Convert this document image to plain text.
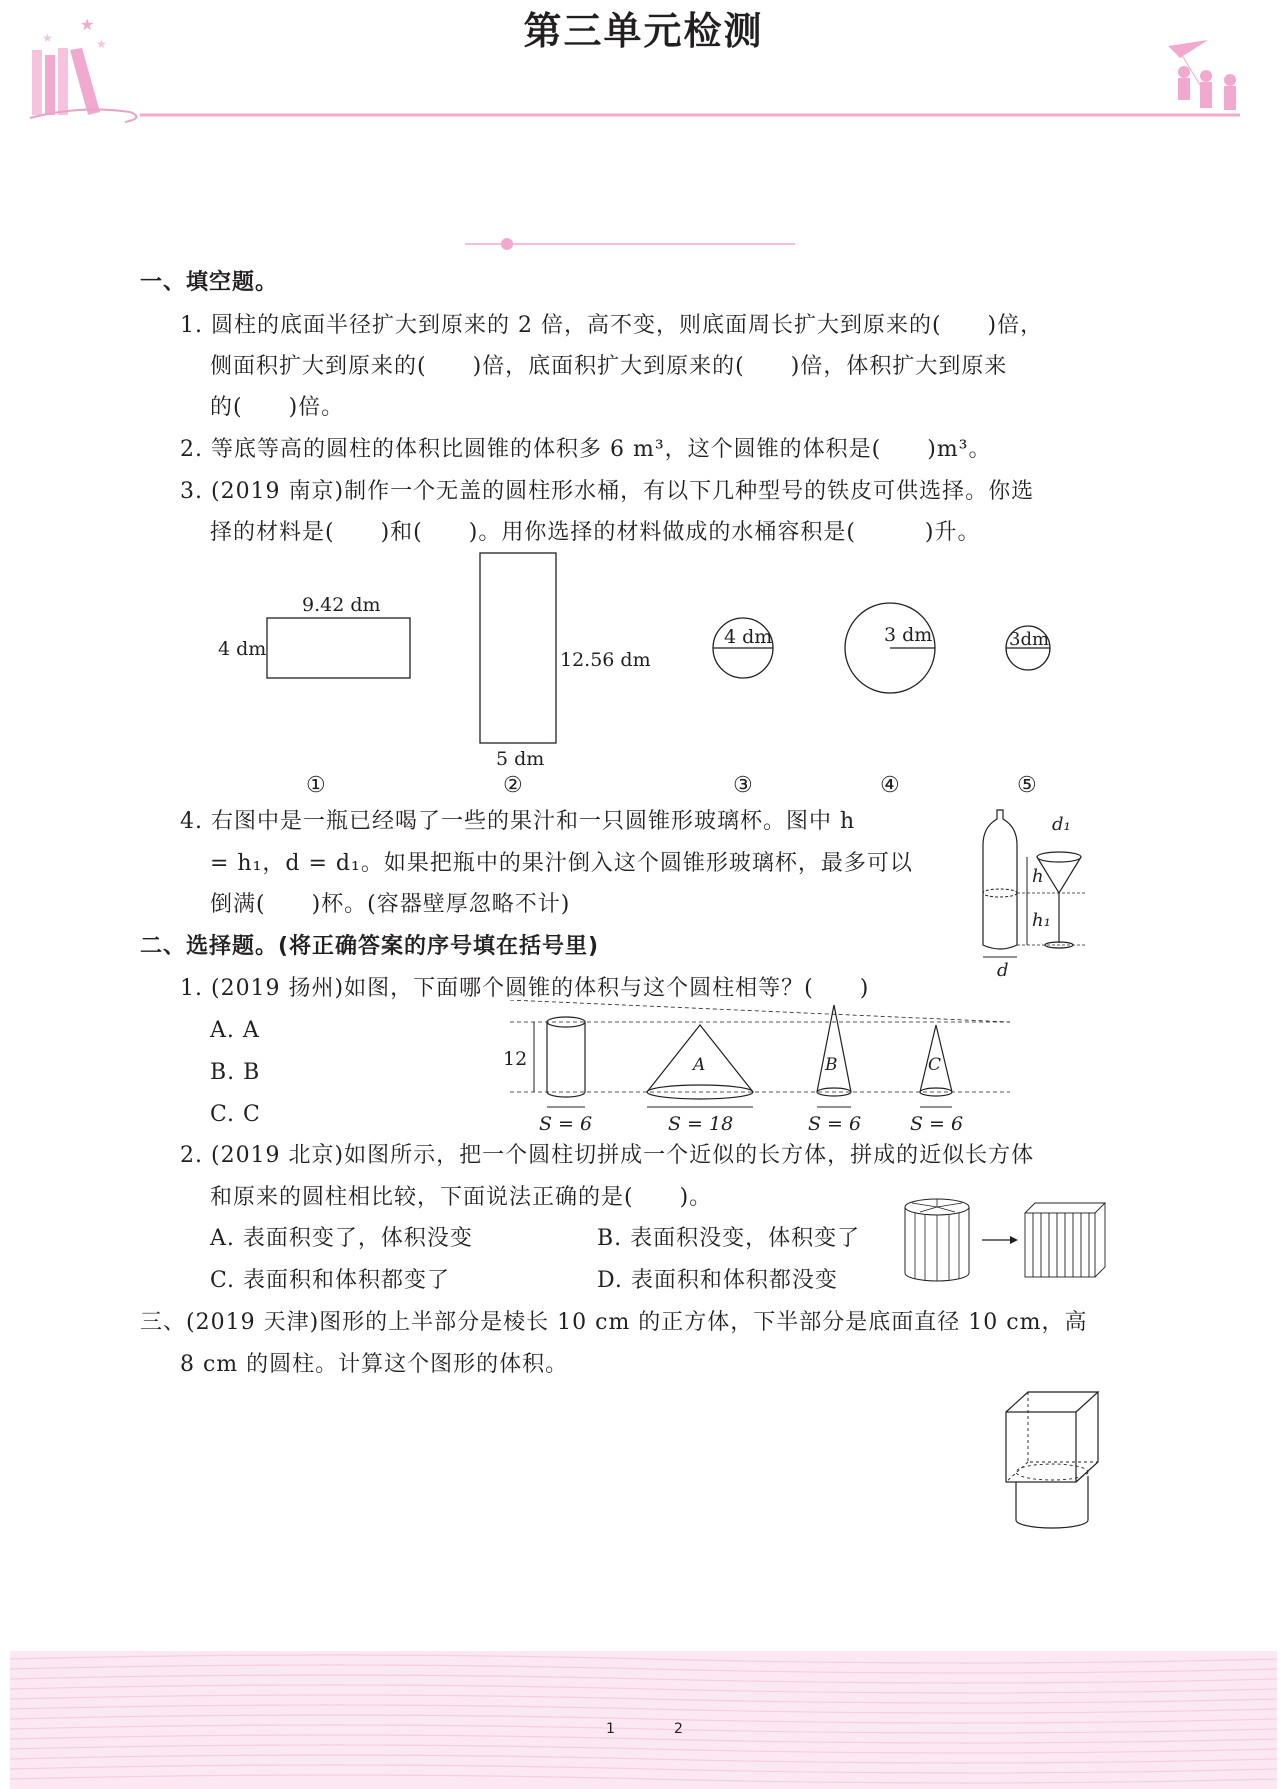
★
★	★	第三单元检测
一、填空题。
1. 圆柱的底面半径扩大到原来的 2 倍，高不变，则底面周长扩大到原来的(　　)倍，
侧面积扩大到原来的(　　)倍，底面积扩大到原来的(　　)倍，体积扩大到原来
的(　　)倍。
2. 等底等高的圆柱的体积比圆锥的体积多 6 m³，这个圆锥的体积是(　　)m³。
3. (2019 南京)制作一个无盖的圆柱形水桶，有以下几种型号的铁皮可供选择。你选
择的材料是(　　)和(　　)。用你选择的材料做成的水桶容积是(　　　)升。
9.42 dm
4 dm	12.56 dm
5 dm
4 dm	3 dm	3dm
①	②	③	④	⑤
4. 右图中是一瓶已经喝了一些的果汁和一只圆锥形玻璃杯。图中 h
= h₁，d = d₁。如果把瓶中的果汁倒入这个圆锥形玻璃杯，最多可以
倒满(　　)杯。(容器壁厚忽略不计)
d₁
h
h₁
d
二、选择题。(将正确答案的序号填在括号里)
1. (2019 扬州)如图，下面哪个圆锥的体积与这个圆柱相等？(　　)
A. A
B. B
C. C
12	A	B	C
S = 6	S = 18	S = 6	S = 6
2. (2019 北京)如图所示，把一个圆柱切拼成一个近似的长方体，拼成的近似长方体
和原来的圆柱相比较，下面说法正确的是(　　)。
A. 表面积变了，体积没变	B. 表面积没变，体积变了
C. 表面积和体积都变了	D. 表面积和体积都没变
三、(2019 天津)图形的上半部分是棱长 10 cm 的正方体，下半部分是底面直径 10 cm，高
8 cm 的圆柱。计算这个图形的体积。
1	2
